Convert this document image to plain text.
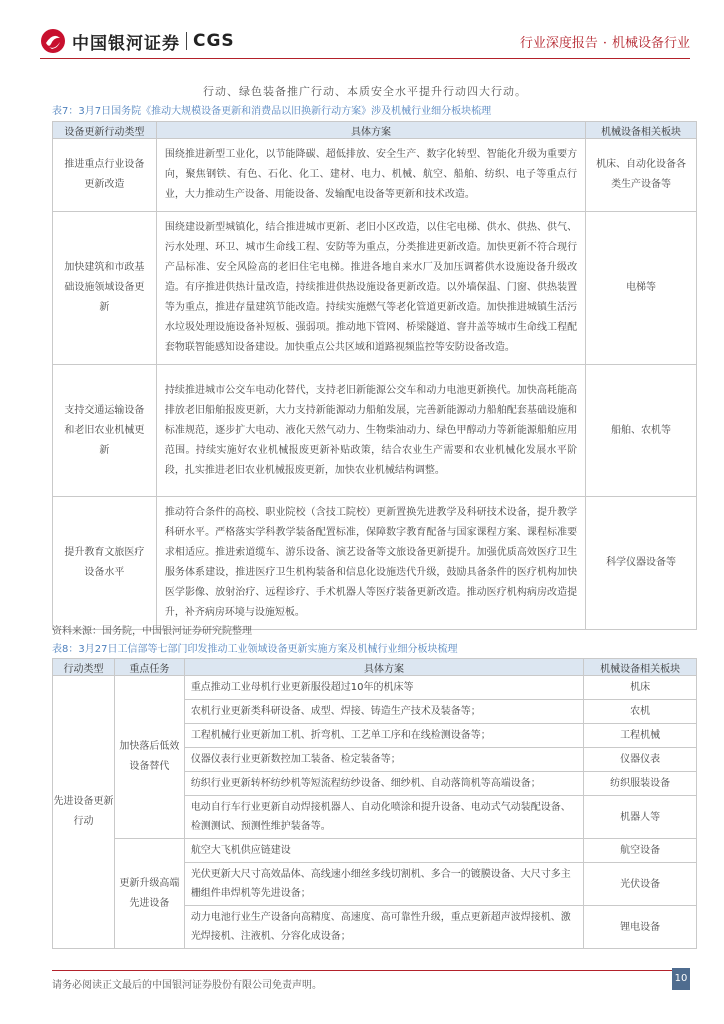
中国银河证券 CGS	行业深度报告 · 机械设备行业
行动、绿色装备推广行动、本质安全水平提升行动四大行动。
表7：3月7日国务院《推动大规模设备更新和消费品以旧换新行动方案》涉及机械行业细分板块梳理
设备更新行动类型	具体方案	机械设备相关板块
推进重点行业设备更新改造	围绕推进新型工业化，以节能降碳、超低排放、安全生产、数字化转型、智能化升级为重要方向，聚焦钢铁、有色、石化、化工、建材、电力、机械、航空、船舶、纺织、电子等重点行业，大力推动生产设备、用能设备、发输配电设备等更新和技术改造。	机床、自动化设备各类生产设备等
加快建筑和市政基础设施领域设备更新	围绕建设新型城镇化，结合推进城市更新、老旧小区改造，以住宅电梯、供水、供热、供气、污水处理、环卫、城市生命线工程、安防等为重点，分类推进更新改造。加快更新不符合现行产品标准、安全风险高的老旧住宅电梯。推进各地自来水厂及加压调蓄供水设施设备升级改造。有序推进供热计量改造，持续推进供热设施设备更新改造。以外墙保温、门窗、供热装置等为重点，推进存量建筑节能改造。持续实施燃气等老化管道更新改造。加快推进城镇生活污水垃圾处理设施设备补短板、强弱项。推动地下管网、桥梁隧道、窨井盖等城市生命线工程配套物联智能感知设备建设。加快重点公共区域和道路视频监控等安防设备改造。	电梯等
支持交通运输设备和老旧农业机械更新	持续推进城市公交车电动化替代，支持老旧新能源公交车和动力电池更新换代。加快高耗能高排放老旧船舶报废更新，大力支持新能源动力船舶发展，完善新能源动力船舶配套基础设施和标准规范，逐步扩大电动、液化天然气动力、生物柴油动力、绿色甲醇动力等新能源船舶应用范围。持续实施好农业机械报废更新补贴政策，结合农业生产需要和农业机械化发展水平阶段，扎实推进老旧农业机械报废更新，加快农业机械结构调整。	船舶、农机等
提升教育文旅医疗设备水平	推动符合条件的高校、职业院校（含技工院校）更新置换先进教学及科研技术设备，提升教学科研水平。严格落实学科教学装备配置标准，保障数字教育配备与国家课程方案、课程标准要求相适应。推进索道缆车、游乐设备、演艺设备等文旅设备更新提升。加强优质高效医疗卫生服务体系建设，推进医疗卫生机构装备和信息化设施迭代升级，鼓励具备条件的医疗机构加快医学影像、放射治疗、远程诊疗、手术机器人等医疗装备更新改造。推动医疗机构病房改造提升，补齐病房环境与设施短板。	科学仪器设备等
资料来源：国务院，中国银河证券研究院整理
表8：3月27日工信部等七部门印发推动工业领域设备更新实施方案及机械行业细分板块梳理
行动类型	重点任务	具体方案	机械设备相关板块
先进设备更新行动	加快落后低效设备替代	重点推动工业母机行业更新服役超过10年的机床等	机床
		农机行业更新类科研设备、成型、焊接、铸造生产技术及装备等；	农机
		工程机械行业更新加工机、折弯机、工艺单工序和在线检测设备等；	工程机械
		仪器仪表行业更新数控加工装备、检定装备等；	仪器仪表
		纺织行业更新转杯纺纱机等短流程纺纱设备、细纱机、自动落筒机等高端设备；	纺织服装设备
		电动自行车行业更新自动焊接机器人、自动化喷涂和提升设备、电动式气动装配设备、检测测试、预测性维护装备等。	机器人等
	更新升级高端先进设备	航空大飞机供应链建设	航空设备
		光伏更新大尺寸高效晶体、高线速小细丝多线切割机、多合一的镀膜设备、大尺寸多主栅组件串焊机等先进设备；	光伏设备
		动力电池行业生产设备向高精度、高速度、高可靠性升级，重点更新超声波焊接机、激光焊接机、注液机、分容化成设备；	锂电设备
请务必阅读正文最后的中国银河证券股份有限公司免责声明。
10
